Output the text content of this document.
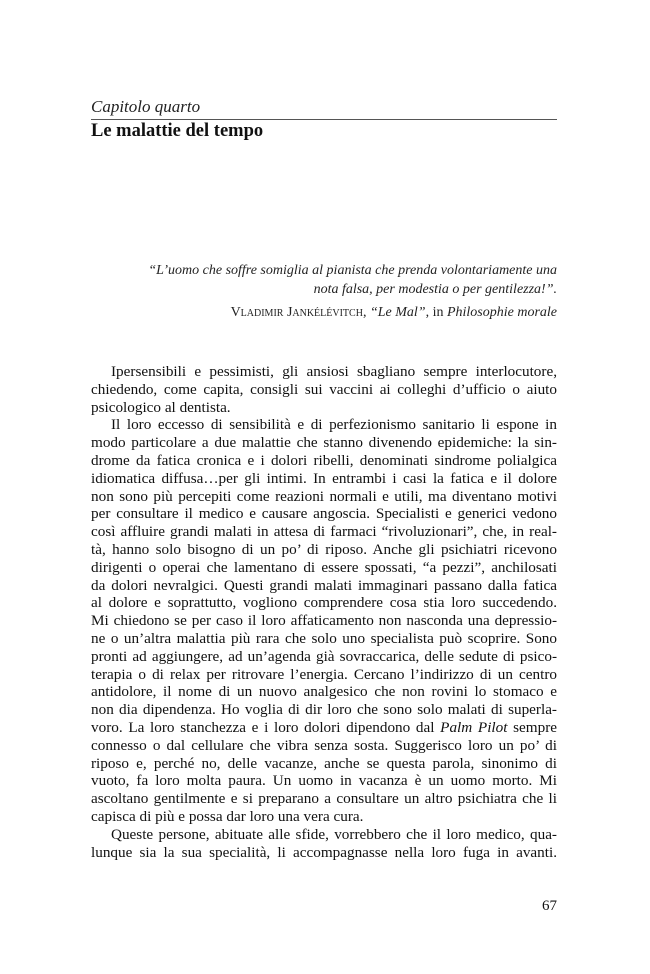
Capitolo quarto
Le malattie del tempo
“L’uomo che soffre somiglia al pianista che prenda volontariamente una
nota falsa, per modestia o per gentilezza!”.
Vladimir Jankélévitch, “Le Mal”, in Philosophie morale
Ipersensibili e pessimisti, gli ansiosi sbagliano sempre interlocutore,
chiedendo, come capita, consigli sui vaccini ai colleghi d’ufficio o aiuto
psicologico al dentista.
Il loro eccesso di sensibilità e di perfezionismo sanitario li espone in
modo particolare a due malattie che stanno divenendo epidemiche: la sin-
drome da fatica cronica e i dolori ribelli, denominati sindrome polialgica
idiomatica diffusa…per gli intimi. In entrambi i casi la fatica e il dolore
non sono più percepiti come reazioni normali e utili, ma diventano motivi
per consultare il medico e causare angoscia. Specialisti e generici vedono
così affluire grandi malati in attesa di farmaci “rivoluzionari”, che, in real-
tà, hanno solo bisogno di un po’ di riposo. Anche gli psichiatri ricevono
dirigenti o operai che lamentano di essere spossati, “a pezzi”, anchilosati
da dolori nevralgici. Questi grandi malati immaginari passano dalla fatica
al dolore e soprattutto, vogliono comprendere cosa stia loro succedendo.
Mi chiedono se per caso il loro affaticamento non nasconda una depressio-
ne o un’altra malattia più rara che solo uno specialista può scoprire. Sono
pronti ad aggiungere, ad un’agenda già sovraccarica, delle sedute di psico-
terapia o di relax per ritrovare l’energia. Cercano l’indirizzo di un centro
antidolore, il nome di un nuovo analgesico che non rovini lo stomaco e
non dia dipendenza. Ho voglia di dir loro che sono solo malati di superla-
voro. La loro stanchezza e i loro dolori dipendono dal Palm Pilot sempre
connesso o dal cellulare che vibra senza sosta. Suggerisco loro un po’ di
riposo e, perché no, delle vacanze, anche se questa parola, sinonimo di
vuoto, fa loro molta paura. Un uomo in vacanza è un uomo morto. Mi
ascoltano gentilmente e si preparano a consultare un altro psichiatra che li
capisca di più e possa dar loro una vera cura.
Queste persone, abituate alle sfide, vorrebbero che il loro medico, qua-
lunque sia la sua specialità, li accompagnasse nella loro fuga in avanti.
67
